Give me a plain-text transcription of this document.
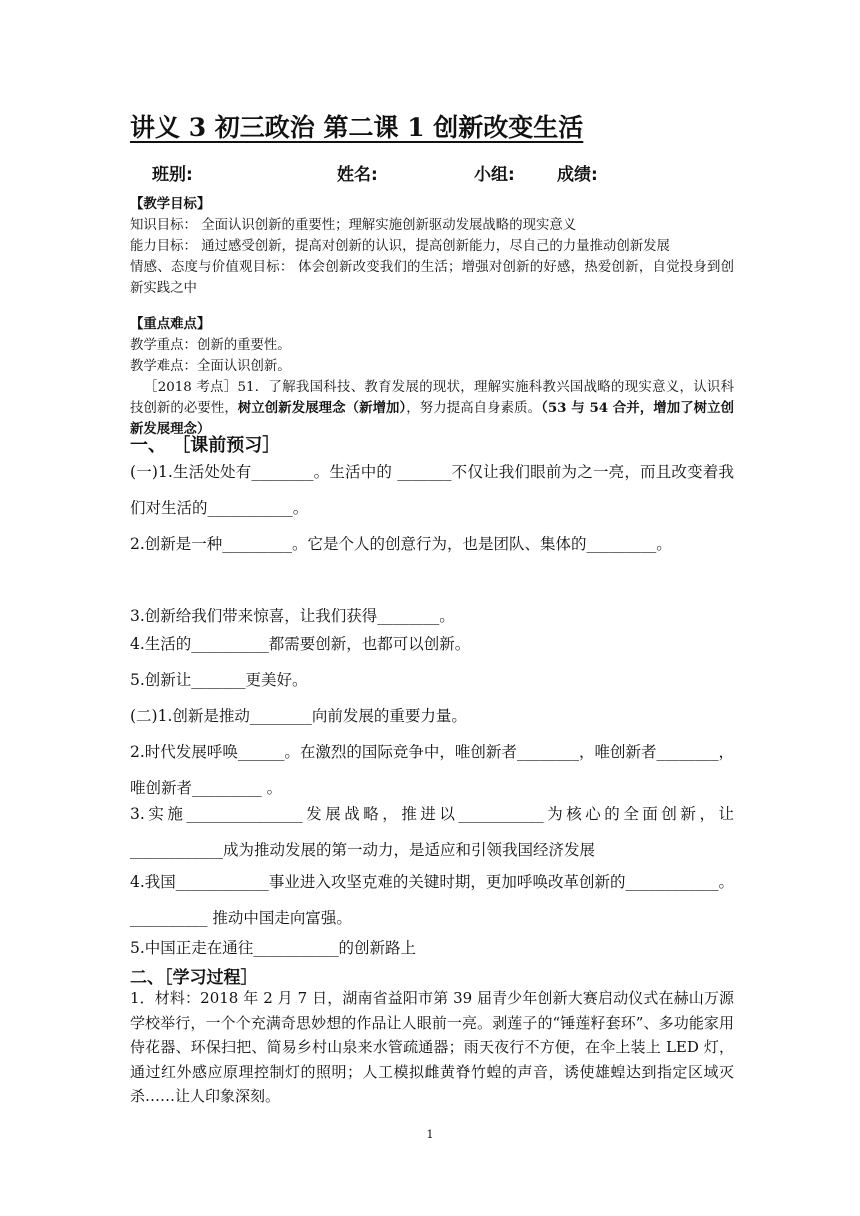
讲义 3 初三政治 第二课 1 创新改变生活
班别:	姓名:	小组: 成绩:
【教学目标】
知识目标： 全面认识创新的重要性；理解实施创新驱动发展战略的现实意义
能力目标： 通过感受创新，提高对创新的认识，提高创新能力，尽自己的力量推动创新发展
情感、态度与价值观目标： 体会创新改变我们的生活；增强对创新的好感，热爱创新，自觉投身到创新实践之中
【重点难点】
教学重点：创新的重要性。
教学难点：全面认识创新。
［2018 考点］51．了解我国科技、教育发展的现状，理解实施科教兴国战略的现实意义，认识科技创新的必要性，树立创新发展理念（新增加），努力提高自身素质。（53 与 54 合并，增加了树立创新发展理念）
一、 ［课前预习］
(一)1.生活处处有________。生活中的 _______不仅让我们眼前为之一亮，而且改变着我们对生活的___________。
2.创新是一种_________。它是个人的创意行为，也是团队、集体的_________。
3.创新给我们带来惊喜，让我们获得________。
4.生活的__________都需要创新，也都可以创新。
5.创新让_______更美好。
(二)1.创新是推动________向前发展的重要力量。
2.时代发展呼唤______。在激烈的国际竞争中，唯创新者________，唯创新者________，唯创新者_________ 。
3.实施_______________发展战略，推进以___________为核心的全面创新，让____________成为推动发展的第一动力，是适应和引领我国经济发展
4.我国____________事业进入攻坚克难的关键时期，更加呼唤改革创新的____________。__________ 推动中国走向富强。
5.中国正走在通往___________的创新路上
二、［学习过程］
1．材料：2018 年 2 月 7 日，湖南省益阳市第 39 届青少年创新大赛启动仪式在赫山万源学校举行，一个个充满奇思妙想的作品让人眼前一亮。剥莲子的“锤莲籽套环”、多功能家用侍花器、环保扫把、简易乡村山泉来水管疏通器；雨天夜行不方便，在伞上装上 LED 灯，通过红外感应原理控制灯的照明；人工模拟雌黄脊竹蝗的声音，诱使雄蝗达到指定区域灭杀……让人印象深刻。
1
